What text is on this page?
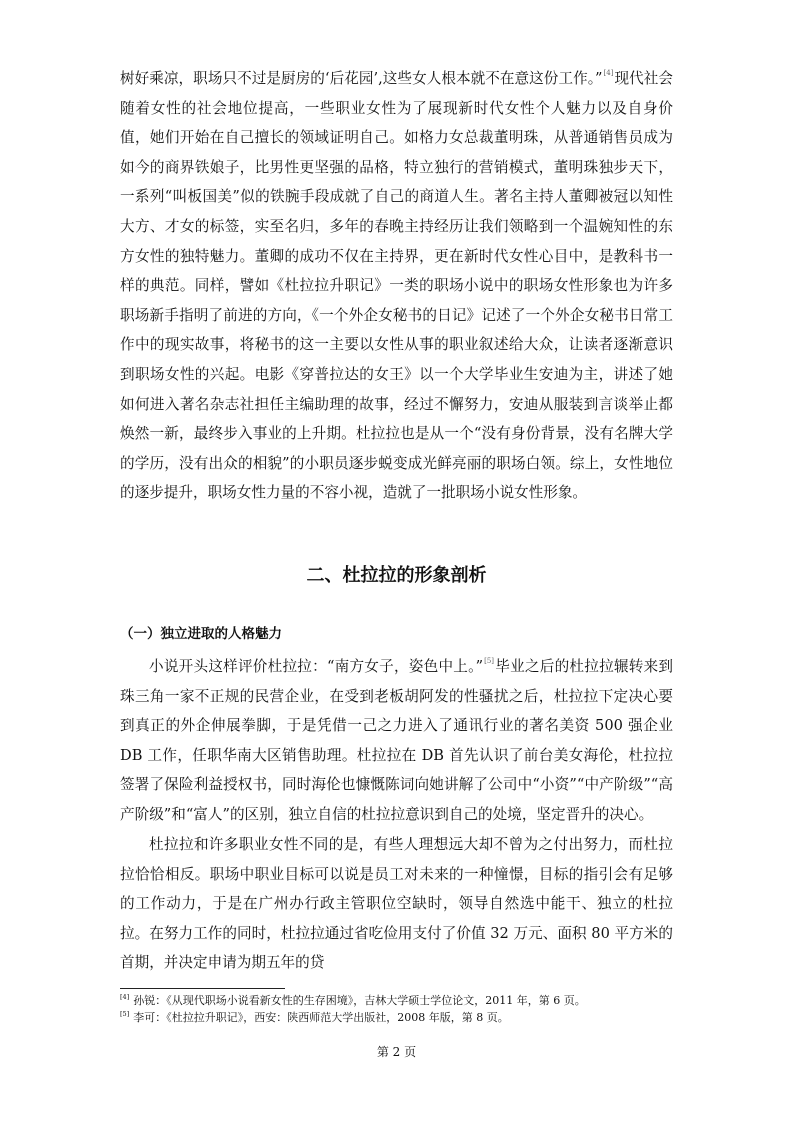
树好乘凉，职场只不过是厨房的‘后花园’,这些女人根本就不在意这份工作。”[4]现代社会随着女性的社会地位提高，一些职业女性为了展现新时代女性个人魅力以及自身价值，她们开始在自己擅长的领域证明自己。如格力女总裁董明珠，从普通销售员成为如今的商界铁娘子，比男性更坚强的品格，特立独行的营销模式，董明珠独步天下，一系列“叫板国美”似的铁腕手段成就了自己的商道人生。著名主持人董卿被冠以知性大方、才女的标签，实至名归，多年的春晚主持经历让我们领略到一个温婉知性的东方女性的独特魅力。董卿的成功不仅在主持界，更在新时代女性心目中，是教科书一样的典范。同样，譬如《杜拉拉升职记》一类的职场小说中的职场女性形象也为许多职场新手指明了前进的方向，《一个外企女秘书的日记》记述了一个外企女秘书日常工作中的现实故事，将秘书的这一主要以女性从事的职业叙述给大众，让读者逐渐意识到职场女性的兴起。电影《穿普拉达的女王》以一个大学毕业生安迪为主，讲述了她如何进入著名杂志社担任主编助理的故事，经过不懈努力，安迪从服装到言谈举止都焕然一新，最终步入事业的上升期。杜拉拉也是从一个“没有身份背景，没有名牌大学的学历，没有出众的相貌”的小职员逐步蜕变成光鲜亮丽的职场白领。综上，女性地位的逐步提升，职场女性力量的不容小视，造就了一批职场小说女性形象。

二、杜拉拉的形象剖析
（一）独立进取的人格魅力

小说开头这样评价杜拉拉：“南方女子，姿色中上。”[5]毕业之后的杜拉拉辗转来到珠三角一家不正规的民营企业，在受到老板胡阿发的性骚扰之后，杜拉拉下定决心要到真正的外企伸展拳脚，于是凭借一己之力进入了通讯行业的著名美资 500 强企业 DB 工作，任职华南大区销售助理。杜拉拉在 DB 首先认识了前台美女海伦，杜拉拉签署了保险利益授权书，同时海伦也慷慨陈词向她讲解了公司中“小资”“中产阶级”“高产阶级”和“富人”的区别，独立自信的杜拉拉意识到自己的处境，坚定晋升的决心。

杜拉拉和许多职业女性不同的是，有些人理想远大却不曾为之付出努力，而杜拉拉恰恰相反。职场中职业目标可以说是员工对未来的一种憧憬，目标的指引会有足够的工作动力，于是在广州办行政主管职位空缺时，领导自然选中能干、独立的杜拉拉。在努力工作的同时，杜拉拉通过省吃俭用支付了价值 32 万元、面积 80 平方米的首期，并决定申请为期五年的贷

[4] 孙锐：《从现代职场小说看新女性的生存困境》，吉林大学硕士学位论文，2011 年，第 6 页。

[5] 李可：《杜拉拉升职记》，西安：陕西师范大学出版社，2008 年版，第 8 页。

第 2 页
